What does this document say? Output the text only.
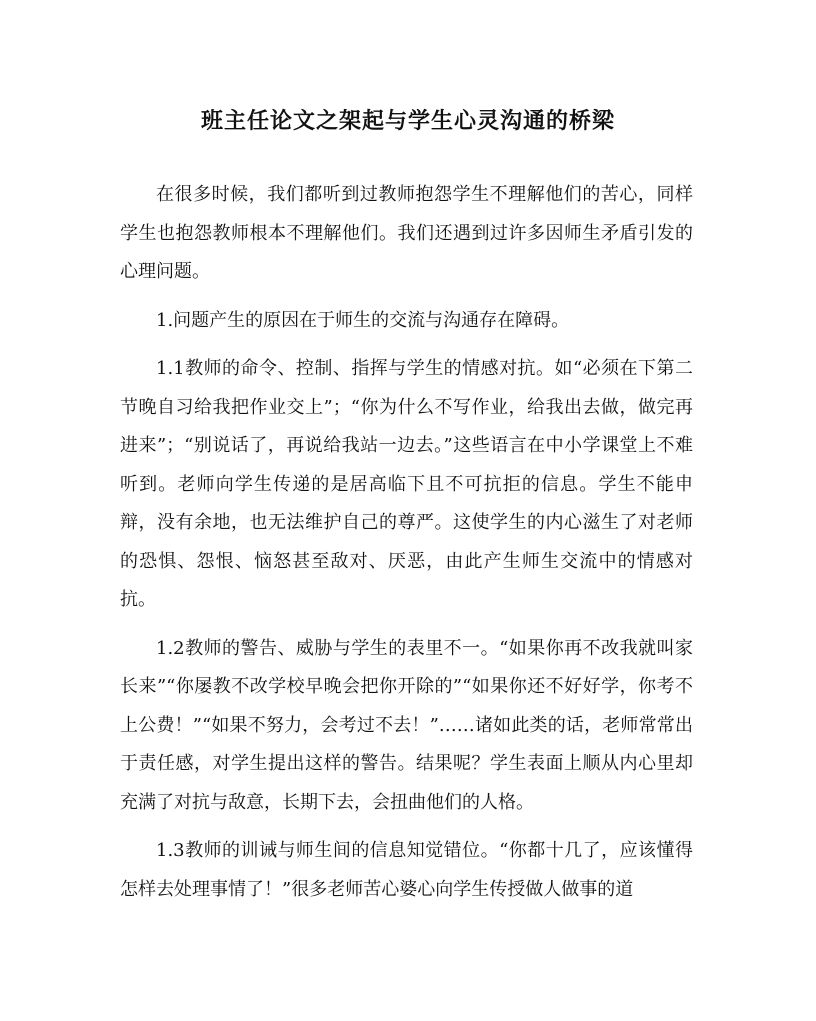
班主任论文之架起与学生心灵沟通的桥梁

在很多时候，我们都听到过教师抱怨学生不理解他们的苦心，同样学生也抱怨教师根本不理解他们。我们还遇到过许多因师生矛盾引发的心理问题。

1.问题产生的原因在于师生的交流与沟通存在障碍。

1.1教师的命令、控制、指挥与学生的情感对抗。如“必须在下第二节晚自习给我把作业交上”；“你为什么不写作业，给我出去做，做完再进来”；“别说话了，再说给我站一边去。”这些语言在中小学课堂上不难听到。老师向学生传递的是居高临下且不可抗拒的信息。学生不能申辩，没有余地，也无法维护自己的尊严。这使学生的内心滋生了对老师的恐惧、怨恨、恼怒甚至敌对、厌恶，由此产生师生交流中的情感对抗。

1.2教师的警告、威胁与学生的表里不一。“如果你再不改我就叫家长来”“你屡教不改学校早晚会把你开除的”“如果你还不好好学，你考不上公费！”“如果不努力，会考过不去！”……诸如此类的话，老师常常出于责任感，对学生提出这样的警告。结果呢？学生表面上顺从内心里却充满了对抗与敌意，长期下去，会扭曲他们的人格。

1.3教师的训诫与师生间的信息知觉错位。“你都十几了，应该懂得怎样去处理事情了！”很多老师苦心婆心向学生传授做人做事的道
